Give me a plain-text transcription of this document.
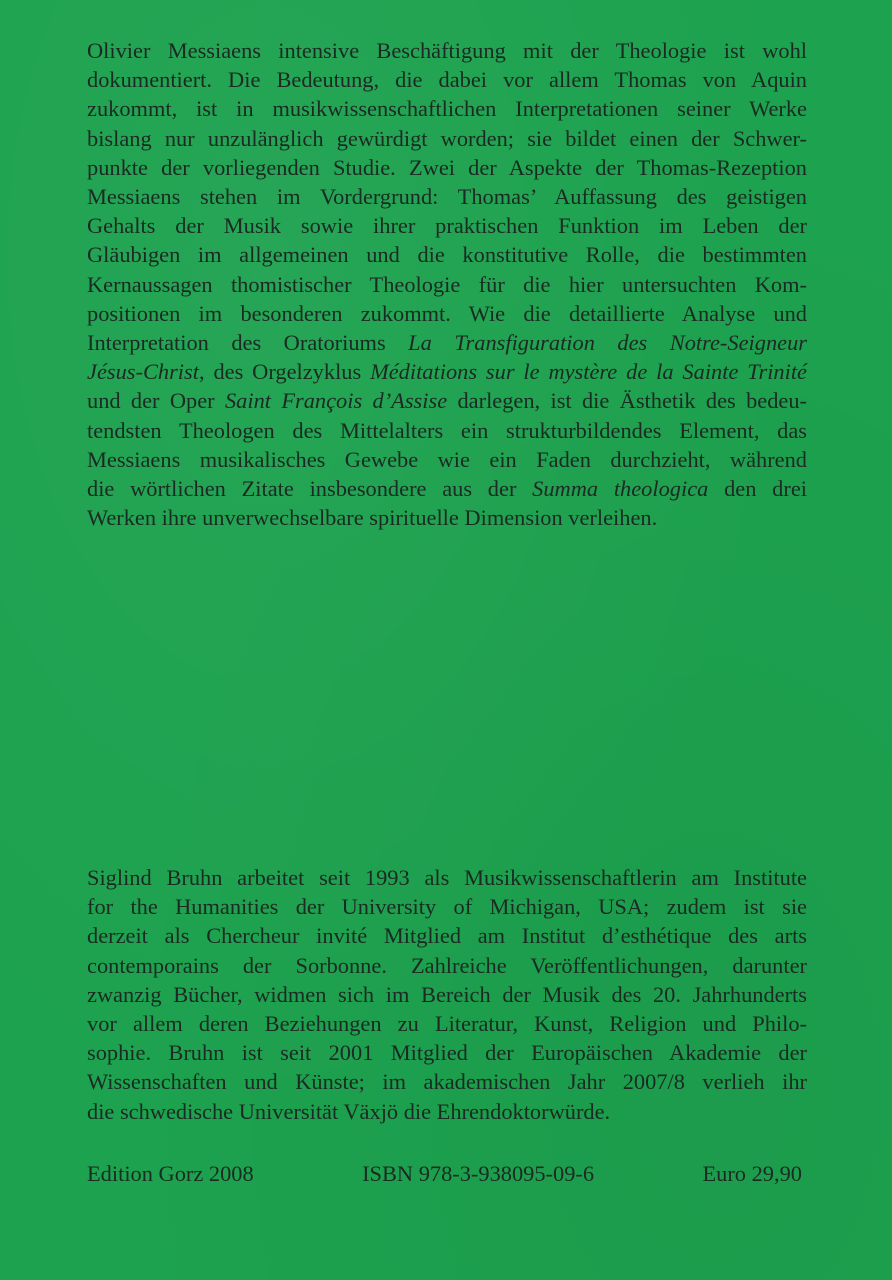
Olivier Messiaens intensive Beschäftigung mit der Theologie ist wohl
dokumentiert. Die Bedeutung, die dabei vor allem Thomas von Aquin
zukommt, ist in musikwissenschaftlichen Interpretationen seiner Werke
bislang nur unzulänglich gewürdigt worden; sie bildet einen der Schwer-
punkte der vorliegenden Studie. Zwei der Aspekte der Thomas-Rezeption
Messiaens stehen im Vordergrund: Thomas’ Auffassung des geistigen
Gehalts der Musik sowie ihrer praktischen Funktion im Leben der
Gläubigen im allgemeinen und die konstitutive Rolle, die bestimmten
Kernaussagen thomistischer Theologie für die hier untersuchten Kom-
positionen im besonderen zukommt. Wie die detaillierte Analyse und
Interpretation des Oratoriums La Transfiguration des Notre-Seigneur
Jésus-Christ, des Orgelzyklus Méditations sur le mystère de la Sainte Trinité
und der Oper Saint François d’Assise darlegen, ist die Ästhetik des bedeu-
tendsten Theologen des Mittelalters ein strukturbildendes Element, das
Messiaens musikalisches Gewebe wie ein Faden durchzieht, während
die wörtlichen Zitate insbesondere aus der Summa theologica den drei
Werken ihre unverwechselbare spirituelle Dimension verleihen.

Siglind Bruhn arbeitet seit 1993 als Musikwissenschaftlerin am Institute
for the Humanities der University of Michigan, USA; zudem ist sie
derzeit als Chercheur invité Mitglied am Institut d’esthétique des arts
contemporains der Sorbonne. Zahlreiche Veröffentlichungen, darunter
zwanzig Bücher, widmen sich im Bereich der Musik des 20. Jahrhunderts
vor allem deren Beziehungen zu Literatur, Kunst, Religion und Philo-
sophie. Bruhn ist seit 2001 Mitglied der Europäischen Akademie der
Wissenschaften und Künste; im akademischen Jahr 2007/8 verlieh ihr
die schwedische Universität Växjö die Ehrendoktorwürde.

Edition Gorz 2008	ISBN 978-3-938095-09-6	Euro 29,90
